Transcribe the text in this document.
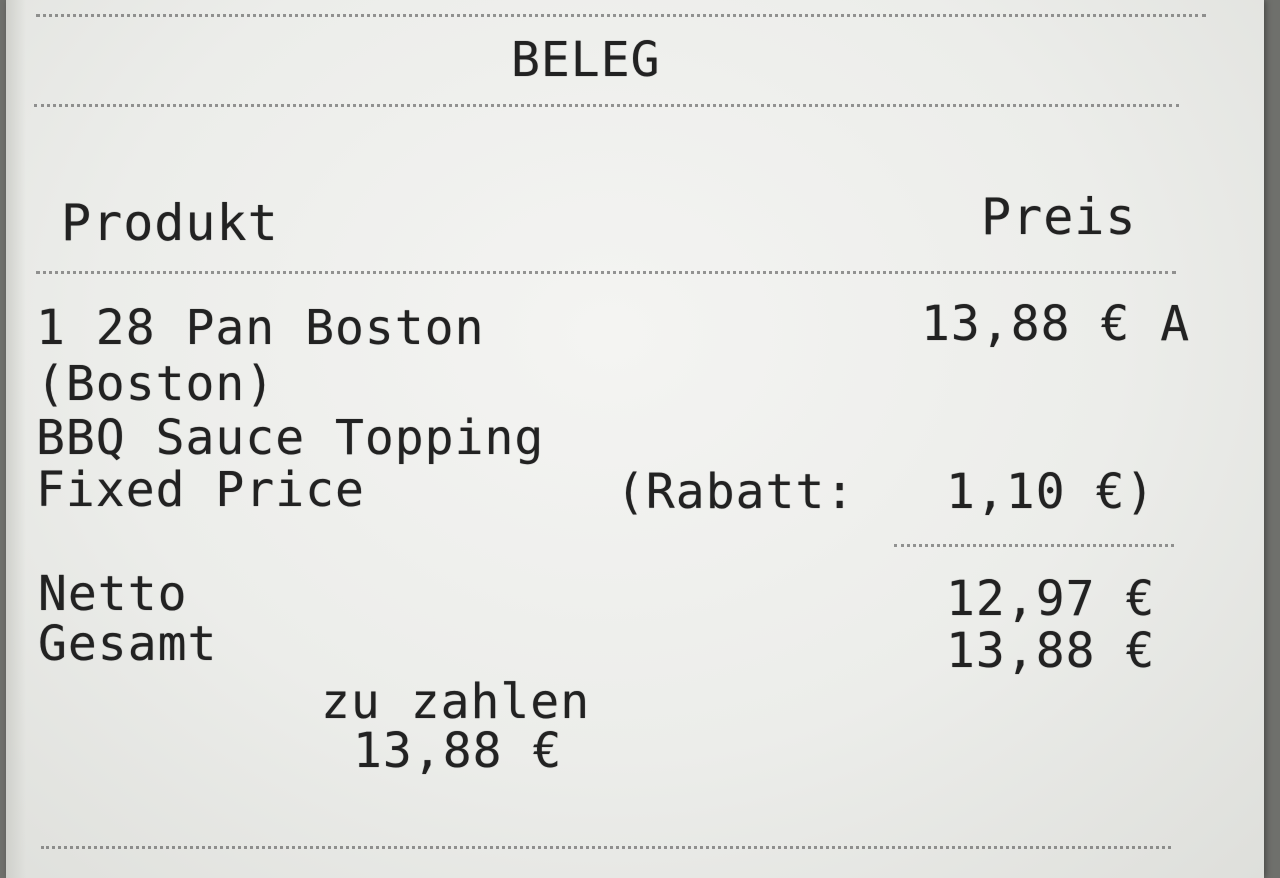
BELEG
Produkt	Preis
1 28 Pan Boston	13,88 € A
(Boston)
BBQ Sauce Topping
Fixed Price	(Rabatt: 1,10 €)
Netto	12,97 €
Gesamt	13,88 €
zu zahlen
13,88 €
